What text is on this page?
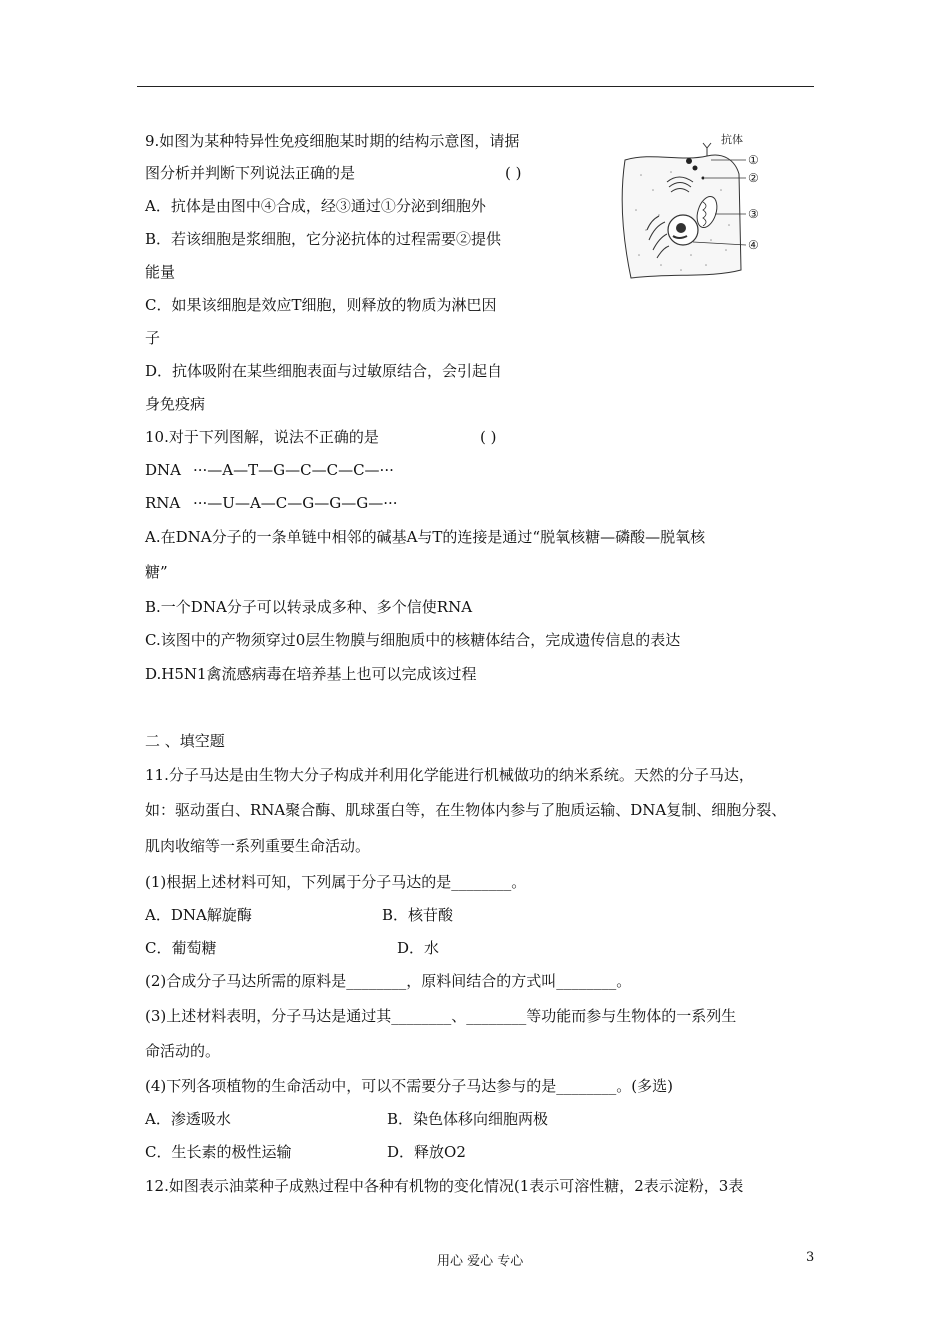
9.如图为某种特异性免疫细胞某时期的结构示意图，请据
图分析并判断下列说法正确的是	( )
A．抗体是由图中④合成，经③通过①分泌到细胞外
B．若该细胞是浆细胞，它分泌抗体的过程需要②提供
能量
C．如果该细胞是效应T细胞，则释放的物质为淋巴因
子
D．抗体吸附在某些细胞表面与过敏原结合，会引起自
身免疫病
抗体
①
②
③
④
10.对于下列图解，说法不正确的是	( )
DNA ···—A—T—G—C—C—C—···
RNA ···—U—A—C—G—G—G—···
A.在DNA分子的一条单链中相邻的碱基A与T的连接是通过“脱氧核糖—磷酸—脱氧核
糖”
B.一个DNA分子可以转录成多种、多个信使RNA
C.该图中的产物须穿过0层生物膜与细胞质中的核糖体结合，完成遗传信息的表达
D.H5N1禽流感病毒在培养基上也可以完成该过程
二 、填空题
11.分子马达是由生物大分子构成并利用化学能进行机械做功的纳米系统。天然的分子马达，
如：驱动蛋白、RNA聚合酶、肌球蛋白等，在生物体内参与了胞质运输、DNA复制、细胞分裂、
肌肉收缩等一系列重要生命活动。
(1)根据上述材料可知，下列属于分子马达的是________。
A．DNA解旋酶	B．核苷酸
C．葡萄糖	D．水
(2)合成分子马达所需的原料是________，原料间结合的方式叫________。
(3)上述材料表明，分子马达是通过其________、________等功能而参与生物体的一系列生
命活动的。
(4)下列各项植物的生命活动中，可以不需要分子马达参与的是________。(多选)
A．渗透吸水	B．染色体移向细胞两极
C．生长素的极性运输	D．释放O2
12.如图表示油菜种子成熟过程中各种有机物的变化情况(1表示可溶性糖，2表示淀粉，3表
用心 爱心 专心	3
